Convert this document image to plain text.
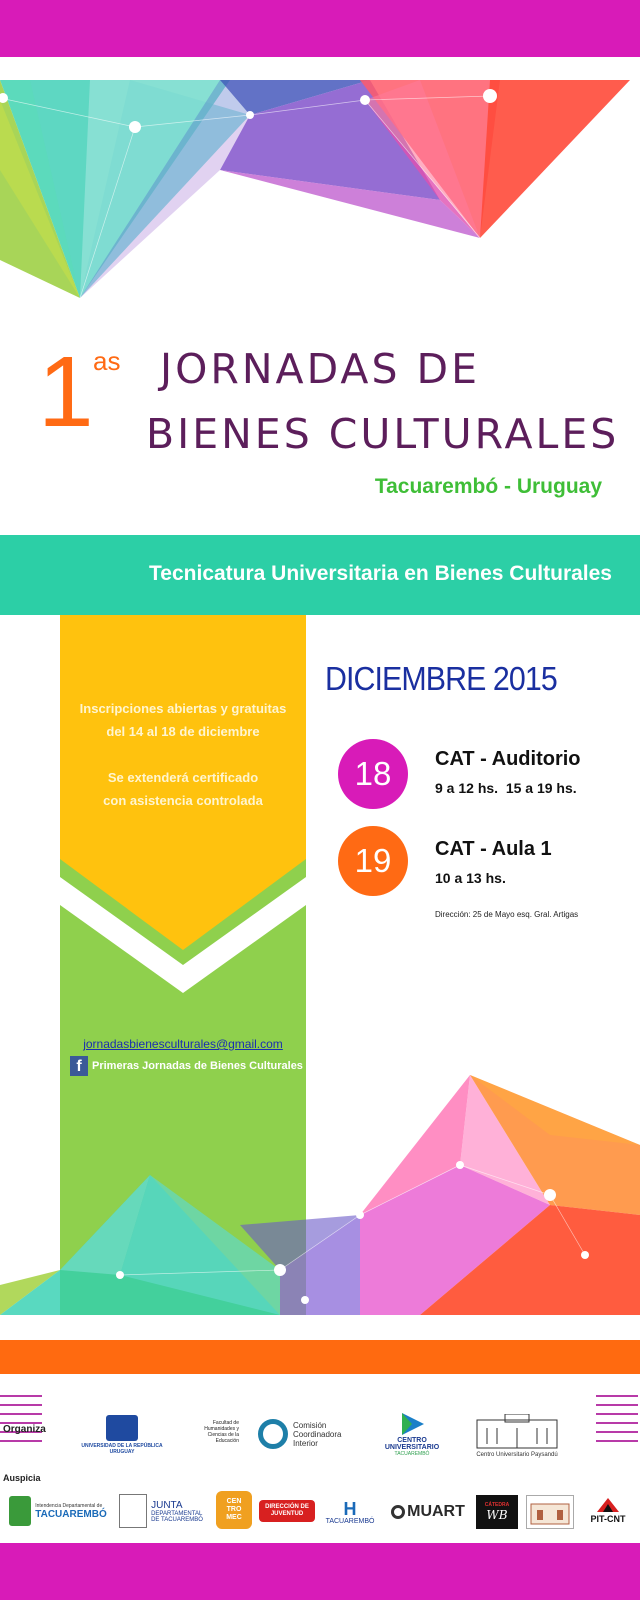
1 as JORNADAS DE
BIENES CULTURALES
Tacuarembó - Uruguay
Tecnicatura Universitaria en Bienes Culturales
Inscripciones abiertas y gratuitas
del 14 al 18 de diciembre
Se extenderá certificado
con asistencia controlada
jornadasbienesculturales@gmail.com
f Primeras Jornadas de Bienes Culturales
DICIEMBRE 2015
18	CAT - Auditorio
9 a 12 hs.  15 a 19 hs.
19	CAT - Aula 1
10 a 13 hs.
Dirección: 25 de Mayo esq. Gral. Artigas
Organiza
Auspicia
UNIVERSIDAD DE LA REPÚBLICA URUGUAY
Facultad de Humanidades y Ciencias de la Educación
Comisión Coordinadora Interior	CENTRO UNIVERSITARIO
TACUAREMBÓ	Centro Universitario Paysandú
Intendencia Departamental de
TACUAREMBÓ
JUNTA
DEPARTAMENTAL
DE TACUAREMBÓ
CEN TRO MEC
DIRECCIÓN DE JUVENTUD	H
TACUAREMBÓ
MUART	CÁTEDRA
WB	PIT-CNT
